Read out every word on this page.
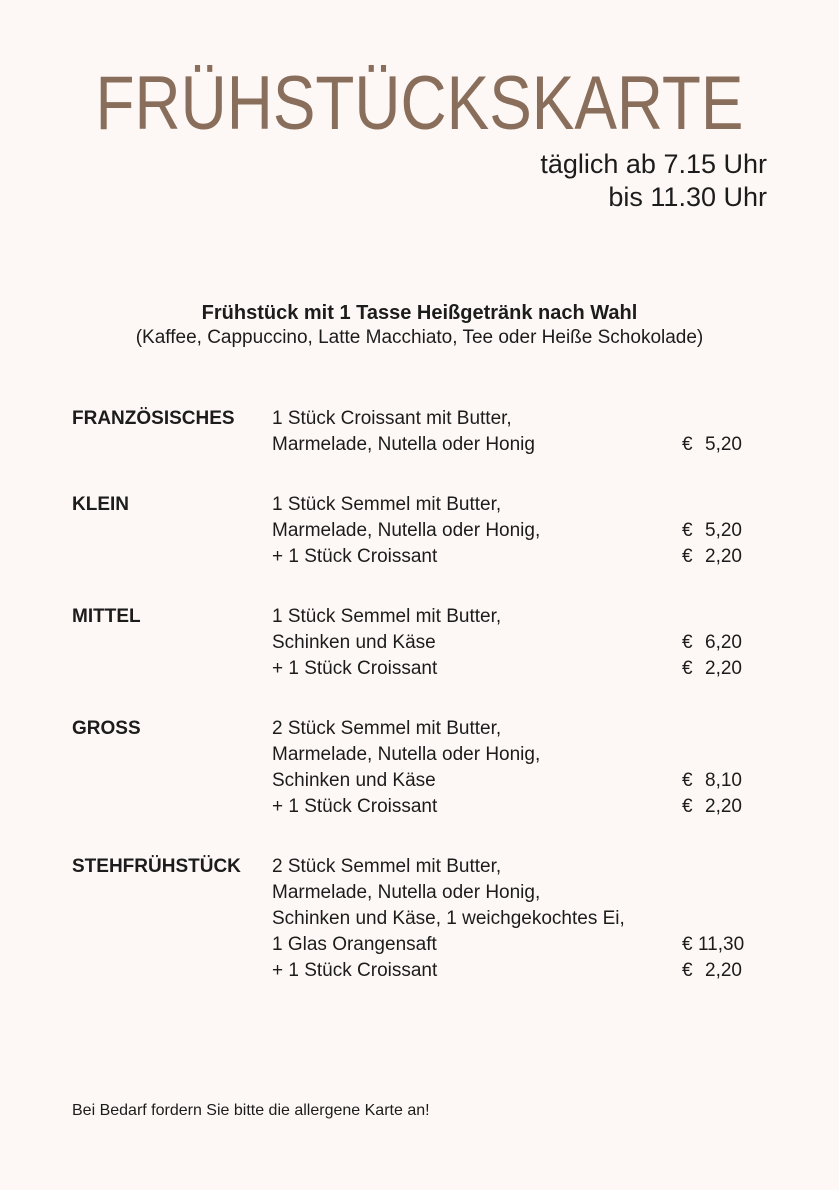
FRÜHSTÜCKSKARTE
täglich ab 7.15 Uhr
bis 11.30 Uhr
Frühstück mit 1 Tasse Heißgetränk nach Wahl
(Kaffee, Cappuccino, Latte Macchiato, Tee oder Heiße Schokolade)
FRANZÖSISCHES 1 Stück Croissant mit Butter,
Marmelade, Nutella oder Honig	€ 5,20
KLEIN	1 Stück Semmel mit Butter,
Marmelade, Nutella oder Honig,	€ 5,20
+ 1 Stück Croissant	€ 2,20
MITTEL	1 Stück Semmel mit Butter,
Schinken und Käse	€ 6,20
+ 1 Stück Croissant	€ 2,20
GROSS	2 Stück Semmel mit Butter,
Marmelade, Nutella oder Honig,
Schinken und Käse	€ 8,10
+ 1 Stück Croissant	€ 2,20
STEHFRÜHSTÜCK 2 Stück Semmel mit Butter,
Marmelade, Nutella oder Honig,
Schinken und Käse, 1 weichgekochtes Ei,
1 Glas Orangensaft	€ 11,30
+ 1 Stück Croissant	€ 2,20
Bei Bedarf fordern Sie bitte die allergene Karte an!
